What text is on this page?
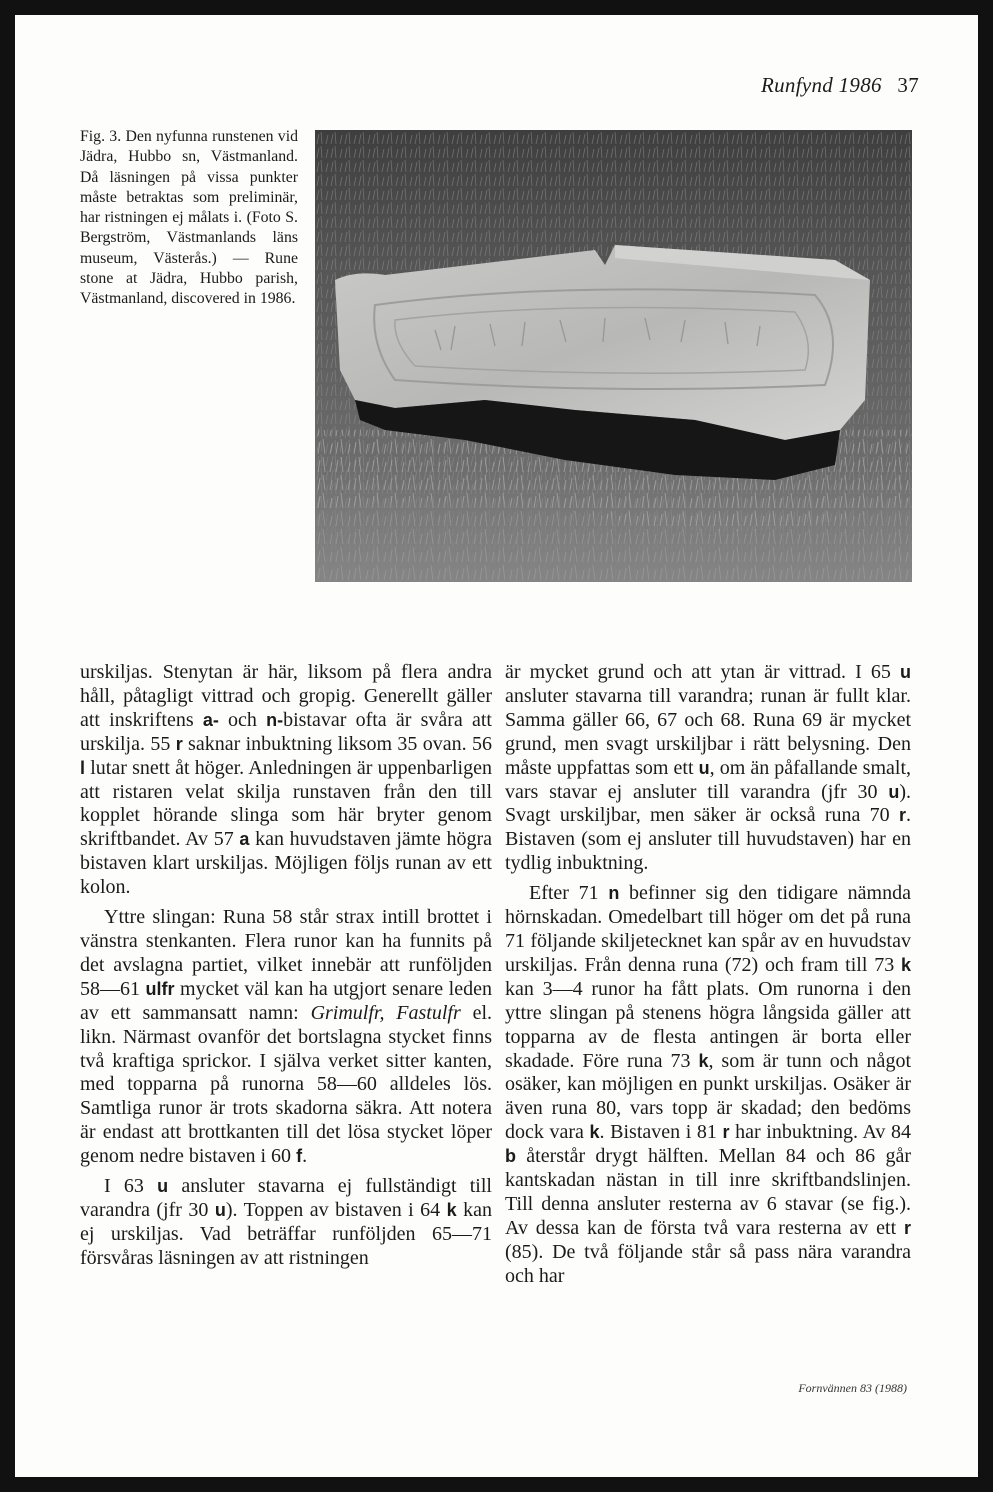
Runfynd 1986 37

Fig. 3. Den nyfunna runstenen vid Jädra, Hubbo sn, Västmanland. Då läsningen på vissa punkter måste betraktas som preliminär, har ristningen ej målats i. (Foto S. Bergström, Västmanlands läns museum, Västerås.) — Rune stone at Jädra, Hubbo parish, Västmanland, discovered in 1986.

urskiljas. Stenytan är här, liksom på flera andra håll, påtagligt vittrad och gropig. Generellt gäller att inskriftens a- och n-bistavar ofta är svåra att urskilja. 55 r saknar inbuktning liksom 35 ovan. 56 l lutar snett åt höger. Anledningen är uppenbarligen att ristaren velat skilja runstaven från den till kopplet hörande slinga som här bryter genom skriftbandet. Av 57 a kan huvudstaven jämte högra bistaven klart urskiljas. Möjligen följs runan av ett kolon.

Yttre slingan: Runa 58 står strax intill brottet i vänstra stenkanten. Flera runor kan ha funnits på det avslagna partiet, vilket innebär att runföljden 58—61 ulfr mycket väl kan ha utgjort senare leden av ett sammansatt namn: Grimulfr, Fastulfr el. likn. Närmast ovanför det bortslagna stycket finns två kraftiga sprickor. I själva verket sitter kanten, med topparna på runorna 58—60 alldeles lös. Samtliga runor är trots skadorna säkra. Att notera är endast att brottkanten till det lösa stycket löper genom nedre bistaven i 60 f.

I 63 u ansluter stavarna ej fullständigt till varandra (jfr 30 u). Toppen av bistaven i 64 k kan ej urskiljas. Vad beträffar runföljden 65—71 försvåras läsningen av att ristningen

är mycket grund och att ytan är vittrad. I 65 u ansluter stavarna till varandra; runan är fullt klar. Samma gäller 66, 67 och 68. Runa 69 är mycket grund, men svagt urskiljbar i rätt belysning. Den måste uppfattas som ett u, om än påfallande smalt, vars stavar ej ansluter till varandra (jfr 30 u). Svagt urskiljbar, men säker är också runa 70 r. Bistaven (som ej ansluter till huvudstaven) har en tydlig inbuktning.

Efter 71 n befinner sig den tidigare nämnda hörnskadan. Omedelbart till höger om det på runa 71 följande skiljetecknet kan spår av en huvudstav urskiljas. Från denna runa (72) och fram till 73 k kan 3—4 runor ha fått plats. Om runorna i den yttre slingan på stenens högra långsida gäller att topparna av de flesta antingen är borta eller skadade. Före runa 73 k, som är tunn och något osäker, kan möjligen en punkt urskiljas. Osäker är även runa 80, vars topp är skadad; den bedöms dock vara k. Bistaven i 81 r har inbuktning. Av 84 b återstår drygt hälften. Mellan 84 och 86 går kantskadan nästan in till inre skriftbandslinjen. Till denna ansluter resterna av 6 stavar (se fig.). Av dessa kan de första två vara resterna av ett r (85). De två följande står så pass nära varandra och har

Fornvännen 83 (1988)
